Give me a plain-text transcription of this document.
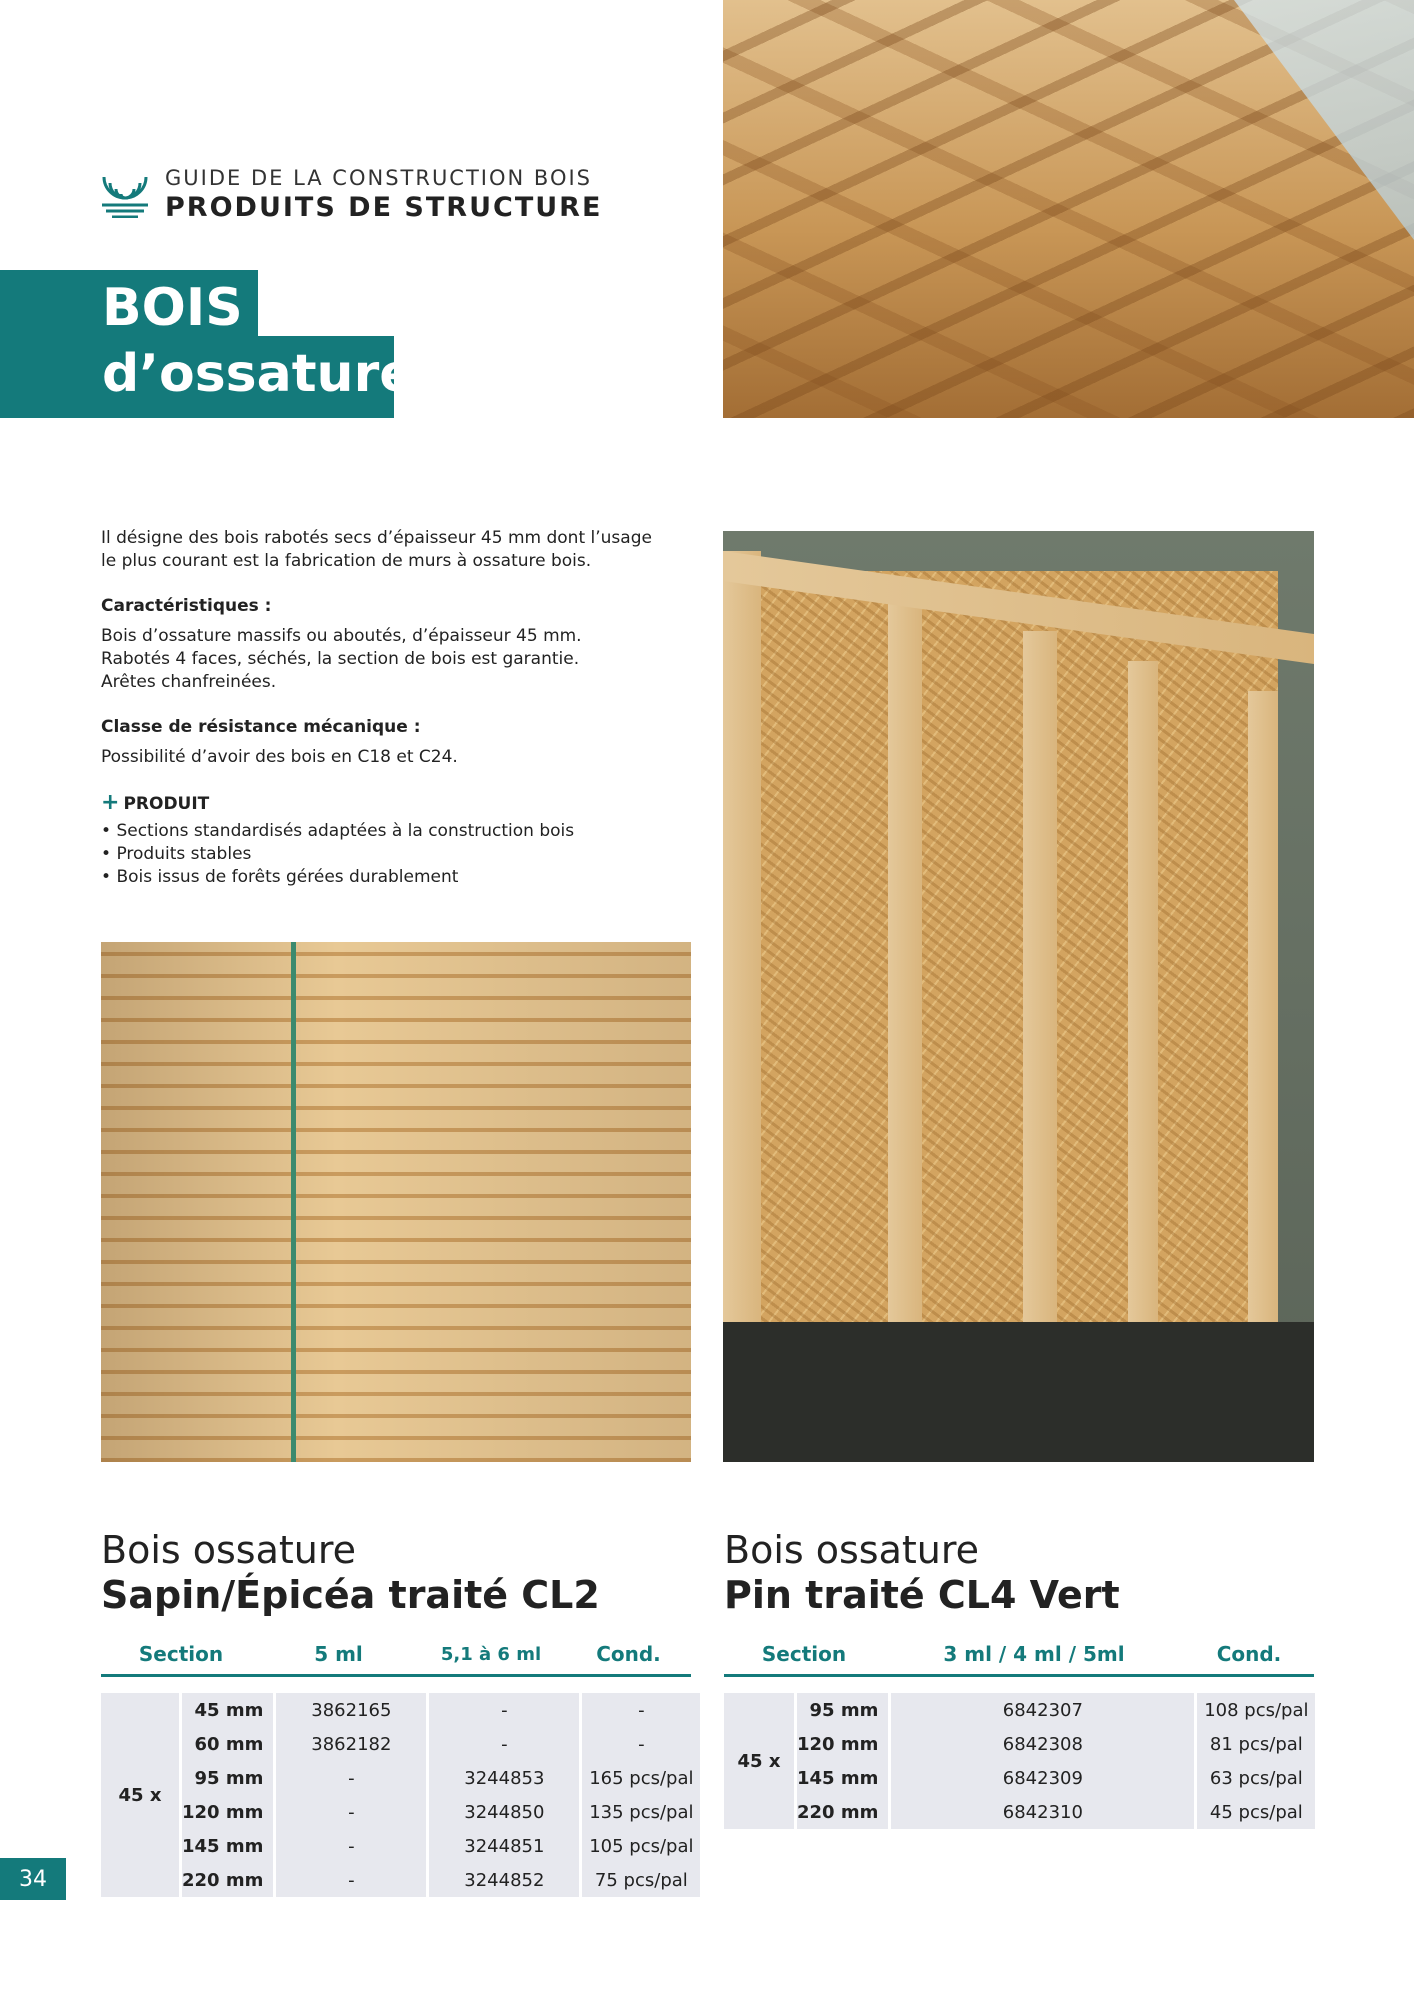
GUIDE DE LA CONSTRUCTION BOIS
PRODUITS DE STRUCTURE
BOIS
d’ossature

Il désigne des bois rabotés secs d’épaisseur 45 mm dont l’usage

le plus courant est la fabrication de murs à ossature bois.

Caractéristiques :

Bois d’ossature massifs ou aboutés, d’épaisseur 45 mm.

Rabotés 4 faces, séchés, la section de bois est garantie.

Arêtes chanfreinées.

Classe de résistance mécanique :

Possibilité d’avoir des bois en C18 et C24.

+ PRODUIT

• Sections standardisés adaptées à la construction bois
• Produits stables
• Bois issus de forêts gérées durablement
Bois ossature
Sapin/Épicéa traité CL2
Section	5 ml	5,1 à 6 ml	Cond.
45 x	45 mm	3862165	-	-
	60 mm	3862182	-	-
	95 mm	-	3244853	165 pcs/pal
	120 mm	-	3244850	135 pcs/pal
	145 mm	-	3244851	105 pcs/pal
	220 mm	-	3244852	75 pcs/pal
Bois ossature
Pin traité CL4 Vert
Section	3 ml / 4 ml / 5ml	Cond.
45 x	95 mm	6842307	108 pcs/pal
	120 mm	6842308	81 pcs/pal
	145 mm	6842309	63 pcs/pal
	220 mm	6842310	45 pcs/pal
34
